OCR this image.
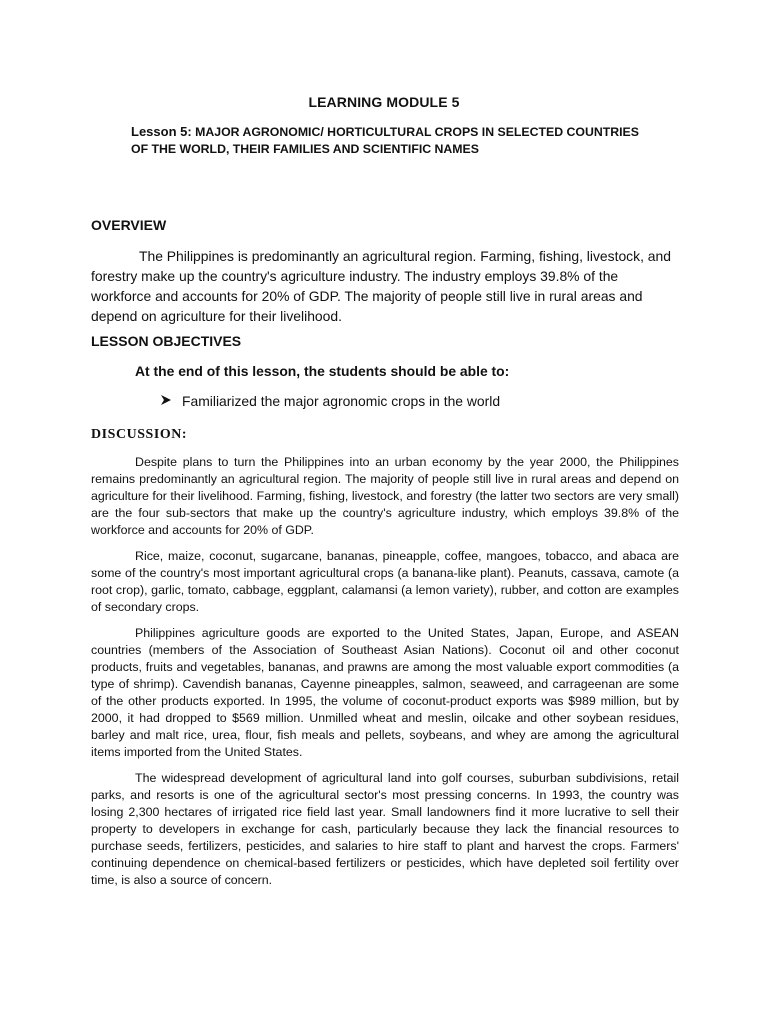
LEARNING MODULE 5
Lesson 5: MAJOR AGRONOMIC/ HORTICULTURAL CROPS IN SELECTED COUNTRIES OF THE WORLD, THEIR FAMILIES AND SCIENTIFIC NAMES
OVERVIEW

The Philippines is predominantly an agricultural region. Farming, fishing, livestock, and forestry make up the country's agriculture industry. The industry employs 39.8% of the workforce and accounts for 20% of GDP. The majority of people still live in rural areas and depend on agriculture for their livelihood.

LESSON OBJECTIVES
At the end of this lesson, the students should be able to:
Familiarized the major agronomic crops in the world
DISCUSSION:

Despite plans to turn the Philippines into an urban economy by the year 2000, the Philippines remains predominantly an agricultural region. The majority of people still live in rural areas and depend on agriculture for their livelihood. Farming, fishing, livestock, and forestry (the latter two sectors are very small) are the four sub-sectors that make up the country's agriculture industry, which employs 39.8% of the workforce and accounts for 20% of GDP.

Rice, maize, coconut, sugarcane, bananas, pineapple, coffee, mangoes, tobacco, and abaca are some of the country's most important agricultural crops (a banana-like plant). Peanuts, cassava, camote (a root crop), garlic, tomato, cabbage, eggplant, calamansi (a lemon variety), rubber, and cotton are examples of secondary crops.

Philippines agriculture goods are exported to the United States, Japan, Europe, and ASEAN countries (members of the Association of Southeast Asian Nations). Coconut oil and other coconut products, fruits and vegetables, bananas, and prawns are among the most valuable export commodities (a type of shrimp). Cavendish bananas, Cayenne pineapples, salmon, seaweed, and carrageenan are some of the other products exported. In 1995, the volume of coconut-product exports was $989 million, but by 2000, it had dropped to $569 million. Unmilled wheat and meslin, oilcake and other soybean residues, barley and malt rice, urea, flour, fish meals and pellets, soybeans, and whey are among the agricultural items imported from the United States.

The widespread development of agricultural land into golf courses, suburban subdivisions, retail parks, and resorts is one of the agricultural sector's most pressing concerns. In 1993, the country was losing 2,300 hectares of irrigated rice field last year. Small landowners find it more lucrative to sell their property to developers in exchange for cash, particularly because they lack the financial resources to purchase seeds, fertilizers, pesticides, and salaries to hire staff to plant and harvest the crops. Farmers' continuing dependence on chemical-based fertilizers or pesticides, which have depleted soil fertility over time, is also a source of concern.
